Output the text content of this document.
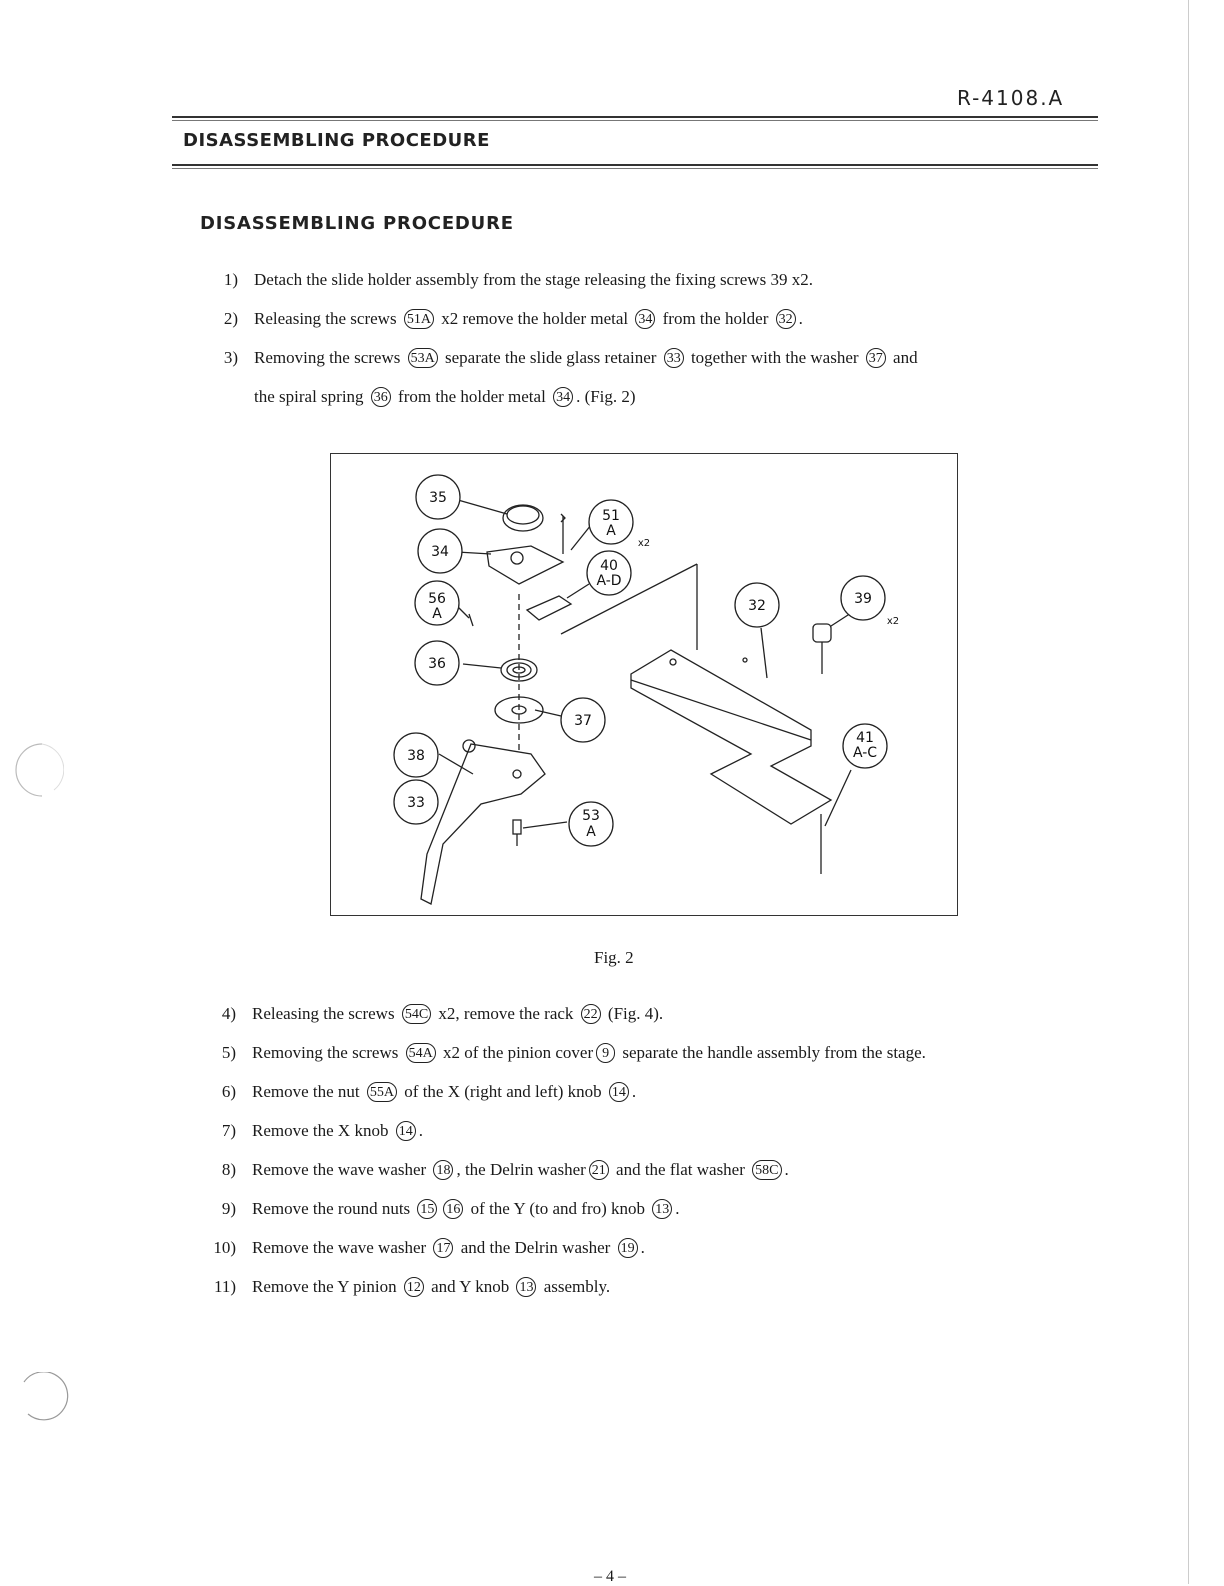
R-4108.A
DISASSEMBLING PROCEDURE
DISASSEMBLING PROCEDURE
1) Detach the slide holder assembly from the stage releasing the fixing screws 39 x2.
2) Releasing the screws 51A x2 remove the holder metal 34 from the holder 32 .
3) Removing the screws 53A separate the slide glass retainer 33 together with the washer 37 and
the spiral spring 36 from the holder metal 34 . (Fig. 2)
35
34
56
A
36
38
33
51
A
x2
40
A-D
37
53
A
32	39
x2
41
A-C
Fig. 2
4) Releasing the screws 54C x2, remove the rack 22 (Fig. 4).
5) Removing the screws 54A x2 of the pinion cover 9 separate the handle assembly from the stage.
6) Remove the nut 55A of the X (right and left) knob 14 .
7) Remove the X knob 14 .
8) Remove the wave washer 18 , the Delrin washer 21 and the flat washer 58C .
9) Remove the round nuts 15 16 of the Y (to and fro) knob 13 .
10) Remove the wave washer 17 and the Delrin washer 19 .
11) Remove the Y pinion 12 and Y knob 13 assembly.
– 4 –
